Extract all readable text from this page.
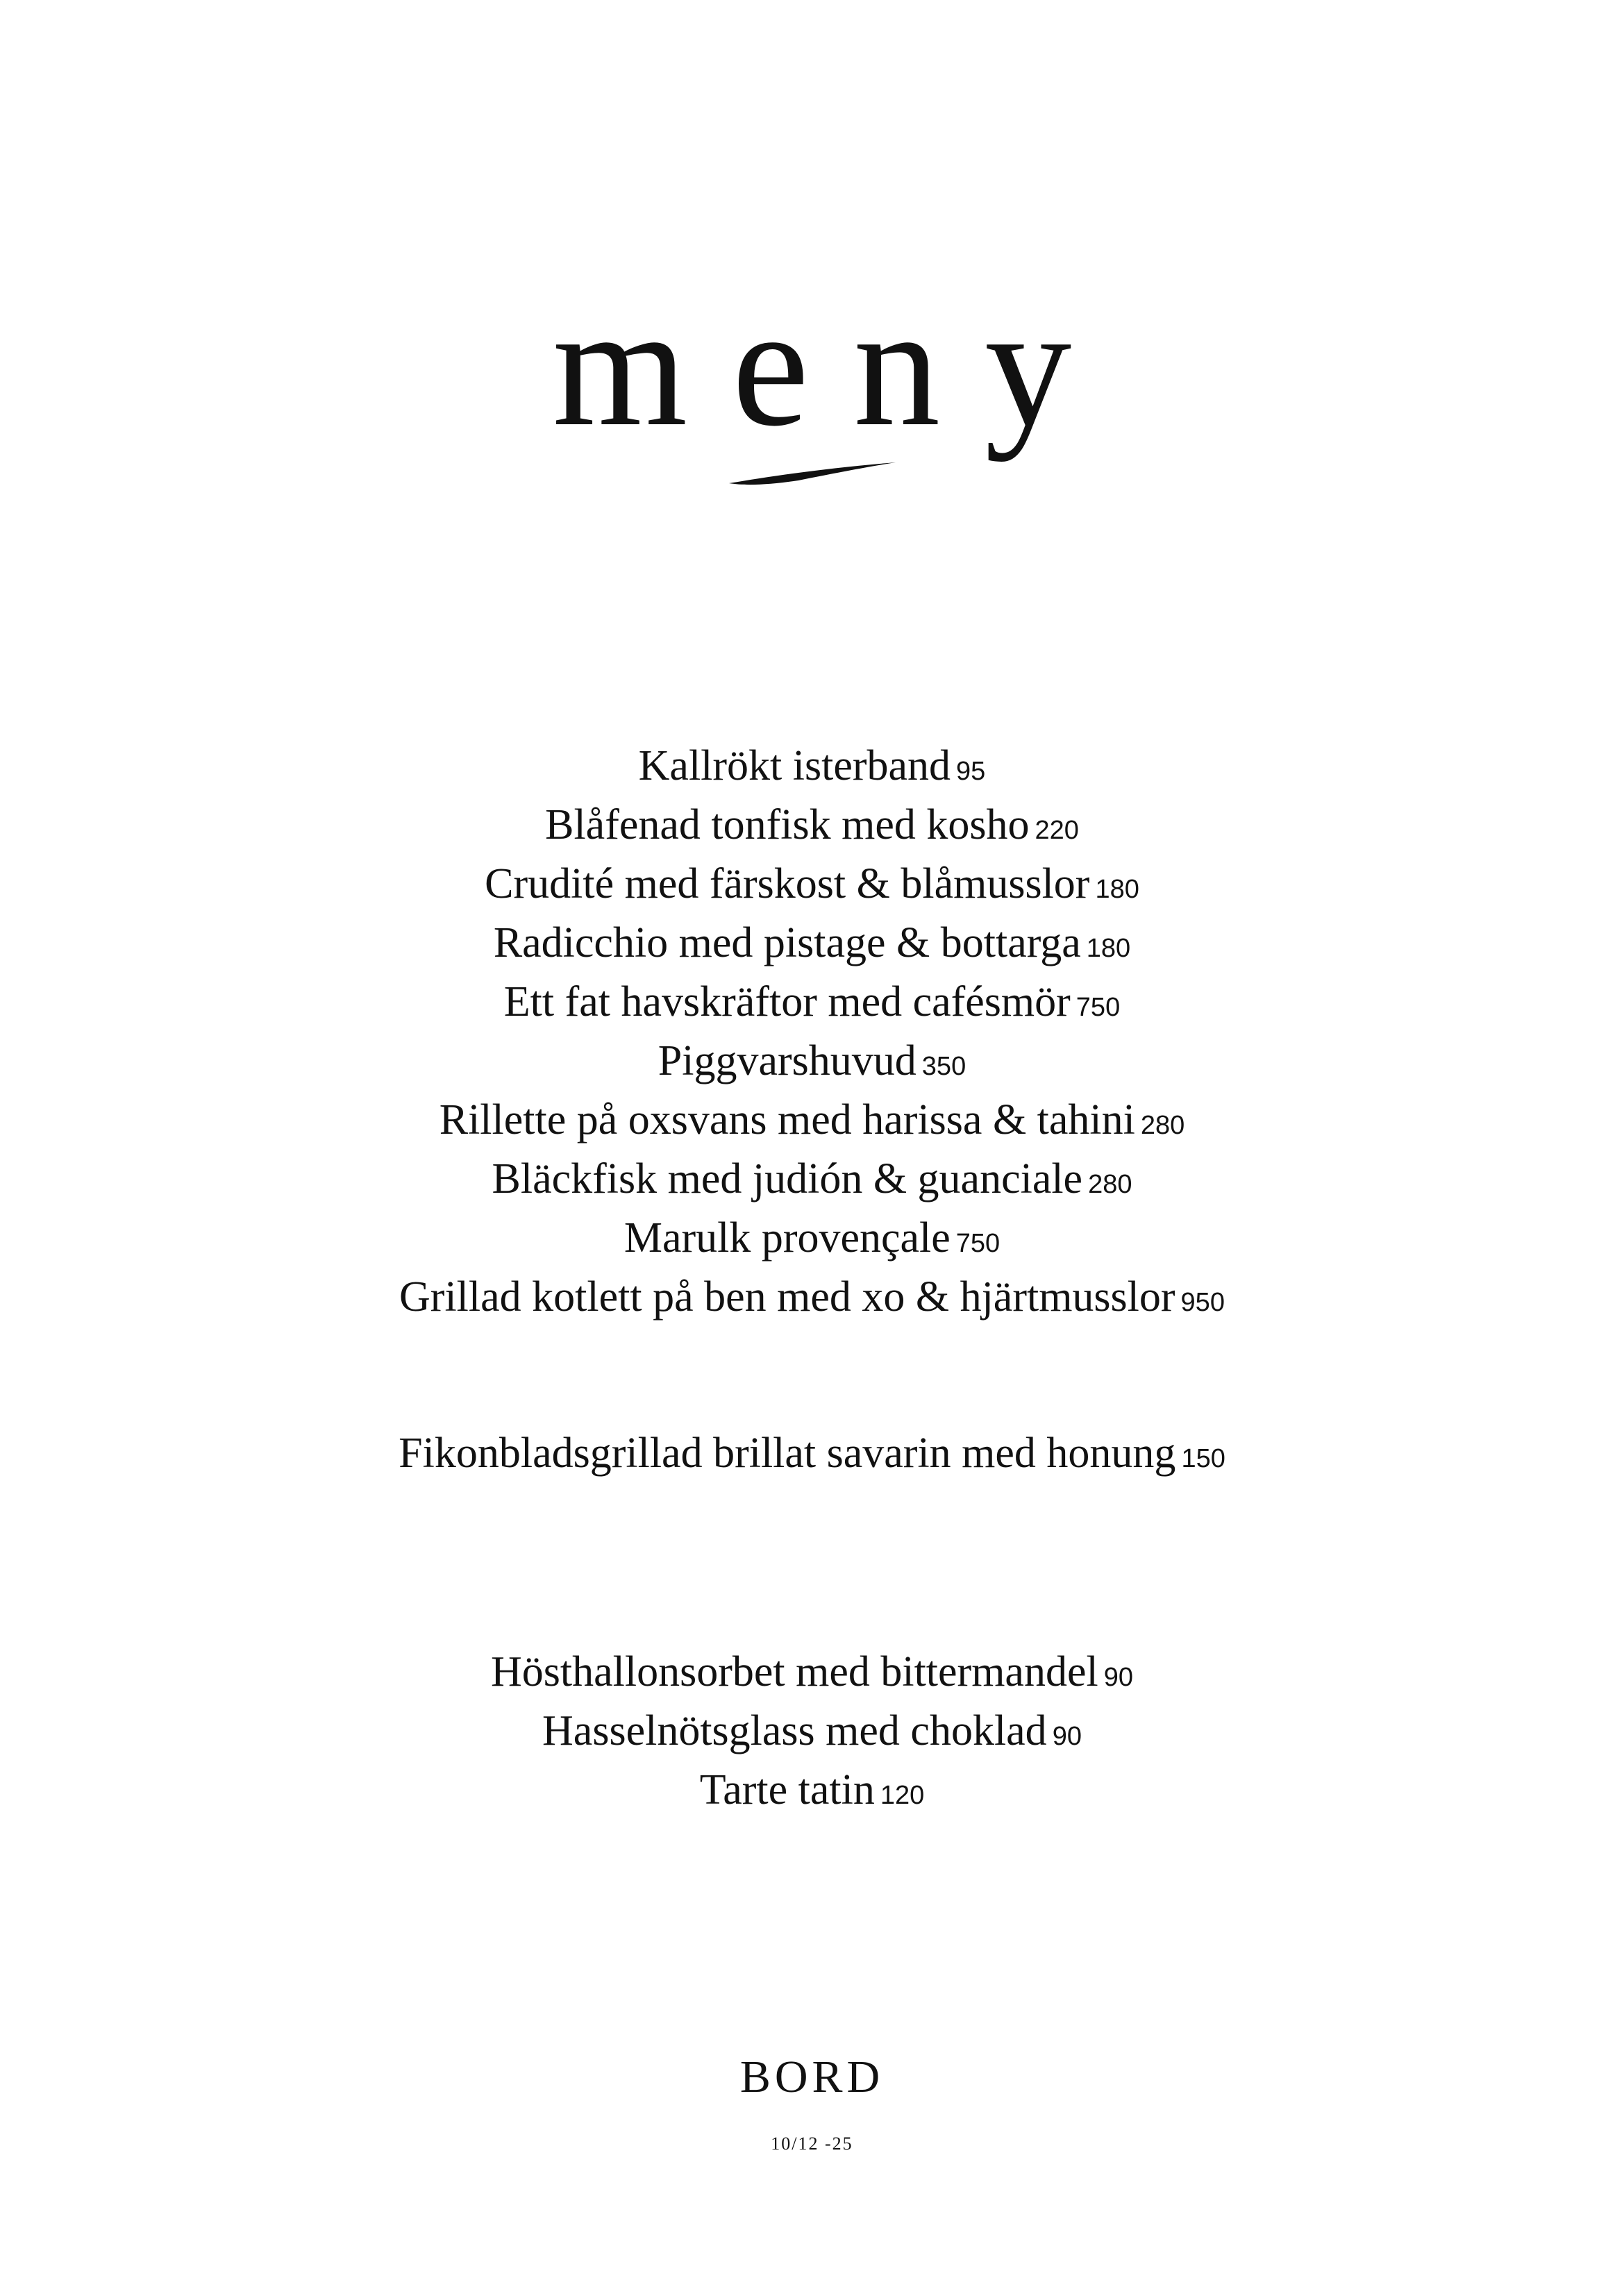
meny
Kallrökt isterband 95
Blåfenad tonfisk med kosho 220
Crudité med färskost & blåmusslor 180
Radicchio med pistage & bottarga 180
Ett fat havskräftor med cafésmör 750
Piggvarshuvud 350
Rillette på oxsvans med harissa & tahini 280
Bläckfisk med judión & guanciale 280
Marulk provençale 750
Grillad kotlett på ben med xo & hjärtmusslor 950
Fikonbladsgrillad brillat savarin med honung 150
Hösthallonsorbet med bittermandel 90
Hasselnötsglass med choklad 90
Tarte tatin 120
BORD
10/12 -25
